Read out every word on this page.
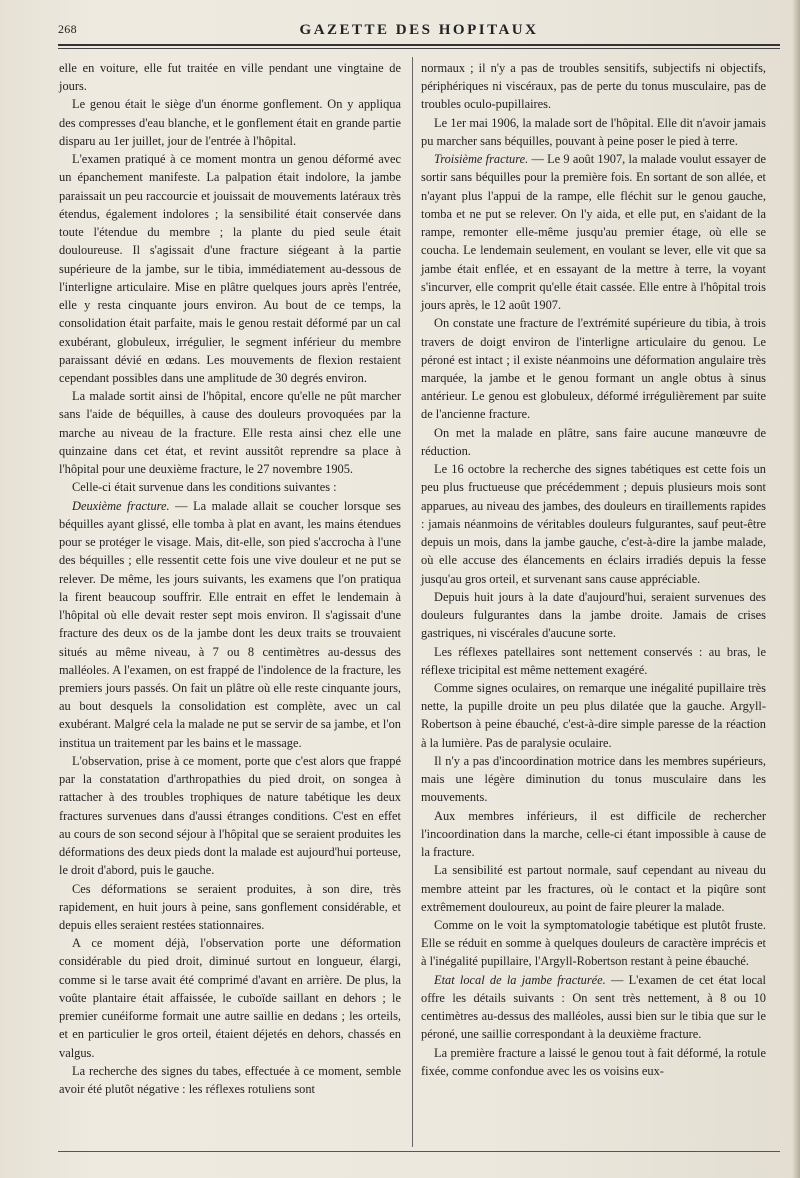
268	GAZETTE DES HOPITAUX

elle en voiture, elle fut traitée en ville pendant une vingtaine de jours.

Le genou était le siège d'un énorme gonflement. On y appliqua des compresses d'eau blanche, et le gonflement était en grande partie disparu au 1er juillet, jour de l'entrée à l'hôpital.

L'examen pratiqué à ce moment montra un genou déformé avec un épanchement manifeste. La palpation était indolore, la jambe paraissait un peu raccourcie et jouissait de mouvements latéraux très étendus, également indolores ; la sensibilité était conservée dans toute l'étendue du membre ; la plante du pied seule était douloureuse. Il s'agissait d'une fracture siégeant à la partie supérieure de la jambe, sur le tibia, immédiatement au-dessous de l'interligne articulaire. Mise en plâtre quelques jours après l'entrée, elle y resta cinquante jours environ. Au bout de ce temps, la consolidation était parfaite, mais le genou restait déformé par un cal exubérant, globuleux, irrégulier, le segment inférieur du membre paraissant dévié en œdans. Les mouvements de flexion restaient cependant possibles dans une amplitude de 30 degrés environ.

La malade sortit ainsi de l'hôpital, encore qu'elle ne pût marcher sans l'aide de béquilles, à cause des douleurs provoquées par la marche au niveau de la fracture. Elle resta ainsi chez elle une quinzaine dans cet état, et revint aussitôt reprendre sa place à l'hôpital pour une deuxième fracture, le 27 novembre 1905.

Celle-ci était survenue dans les conditions suivantes :

Deuxième fracture. — La malade allait se coucher lorsque ses béquilles ayant glissé, elle tomba à plat en avant, les mains étendues pour se protéger le visage. Mais, dit-elle, son pied s'accrocha à l'une des béquilles ; elle ressentit cette fois une vive douleur et ne put se relever. De même, les jours suivants, les examens que l'on pratiqua la firent beaucoup souffrir. Elle entrait en effet le lendemain à l'hôpital où elle devait rester sept mois environ. Il s'agissait d'une fracture des deux os de la jambe dont les deux traits se trouvaient situés au même niveau, à 7 ou 8 centimètres au-dessus des malléoles. A l'examen, on est frappé de l'indolence de la fracture, les premiers jours passés. On fait un plâtre où elle reste cinquante jours, au bout desquels la consolidation est complète, avec un cal exubérant. Malgré cela la malade ne put se servir de sa jambe, et l'on institua un traitement par les bains et le massage.

L'observation, prise à ce moment, porte que c'est alors que frappé par la constatation d'arthropathies du pied droit, on songea à rattacher à des troubles trophiques de nature tabétique les deux fractures survenues dans d'aussi étranges conditions. C'est en effet au cours de son second séjour à l'hôpital que se seraient produites les déformations des deux pieds dont la malade est aujourd'hui porteuse, le droit d'abord, puis le gauche.

Ces déformations se seraient produites, à son dire, très rapidement, en huit jours à peine, sans gonflement considérable, et depuis elles seraient restées stationnaires.

A ce moment déjà, l'observation porte une déformation considérable du pied droit, diminué surtout en longueur, élargi, comme si le tarse avait été comprimé d'avant en arrière. De plus, la voûte plantaire était affaissée, le cuboïde saillant en dehors ; le premier cunéiforme formait une autre saillie en dedans ; les orteils, et en particulier le gros orteil, étaient déjetés en dehors, chassés en valgus.

La recherche des signes du tabes, effectuée à ce moment, semble avoir été plutôt négative : les réflexes rotuliens sont

normaux ; il n'y a pas de troubles sensitifs, subjectifs ni objectifs, périphériques ni viscéraux, pas de perte du tonus musculaire, pas de troubles oculo-pupillaires.

Le 1er mai 1906, la malade sort de l'hôpital. Elle dit n'avoir jamais pu marcher sans béquilles, pouvant à peine poser le pied à terre.

Troisième fracture. — Le 9 août 1907, la malade voulut essayer de sortir sans béquilles pour la première fois. En sortant de son allée, et n'ayant plus l'appui de la rampe, elle fléchit sur le genou gauche, tomba et ne put se relever. On l'y aida, et elle put, en s'aidant de la rampe, remonter elle-même jusqu'au premier étage, où elle se coucha. Le lendemain seulement, en voulant se lever, elle vit que sa jambe était enflée, et en essayant de la mettre à terre, la voyant s'incurver, elle comprit qu'elle était cassée. Elle entre à l'hôpital trois jours après, le 12 août 1907.

On constate une fracture de l'extrémité supérieure du tibia, à trois travers de doigt environ de l'interligne articulaire du genou. Le péroné est intact ; il existe néanmoins une déformation angulaire très marquée, la jambe et le genou formant un angle obtus à sinus antérieur. Le genou est globuleux, déformé irrégulièrement par suite de l'ancienne fracture.

On met la malade en plâtre, sans faire aucune manœuvre de réduction.

Le 16 octobre la recherche des signes tabétiques est cette fois un peu plus fructueuse que précédemment ; depuis plusieurs mois sont apparues, au niveau des jambes, des douleurs en tiraillements rapides : jamais néanmoins de véritables douleurs fulgurantes, sauf peut-être depuis un mois, dans la jambe gauche, c'est-à-dire la jambe malade, où elle accuse des élancements en éclairs irradiés depuis la fesse jusqu'au gros orteil, et survenant sans cause appréciable.

Depuis huit jours à la date d'aujourd'hui, seraient survenues des douleurs fulgurantes dans la jambe droite. Jamais de crises gastriques, ni viscérales d'aucune sorte.

Les réflexes patellaires sont nettement conservés : au bras, le réflexe tricipital est même nettement exagéré.

Comme signes oculaires, on remarque une inégalité pupillaire très nette, la pupille droite un peu plus dilatée que la gauche. Argyll-Robertson à peine ébauché, c'est-à-dire simple paresse de la réaction à la lumière. Pas de paralysie oculaire.

Il n'y a pas d'incoordination motrice dans les membres supérieurs, mais une légère diminution du tonus musculaire dans les mouvements.

Aux membres inférieurs, il est difficile de rechercher l'incoordination dans la marche, celle-ci étant impossible à cause de la fracture.

La sensibilité est partout normale, sauf cependant au niveau du membre atteint par les fractures, où le contact et la piqûre sont extrêmement douloureux, au point de faire pleurer la malade.

Comme on le voit la symptomatologie tabétique est plutôt fruste. Elle se réduit en somme à quelques douleurs de caractère imprécis et à l'inégalité pupillaire, l'Argyll-Robertson restant à peine ébauché.

Etat local de la jambe fracturée. — L'examen de cet état local offre les détails suivants : On sent très nettement, à 8 ou 10 centimètres au-dessus des malléoles, aussi bien sur le tibia que sur le péroné, une saillie correspondant à la deuxième fracture.

La première fracture a laissé le genou tout à fait déformé, la rotule fixée, comme confondue avec les os voisins eux-
